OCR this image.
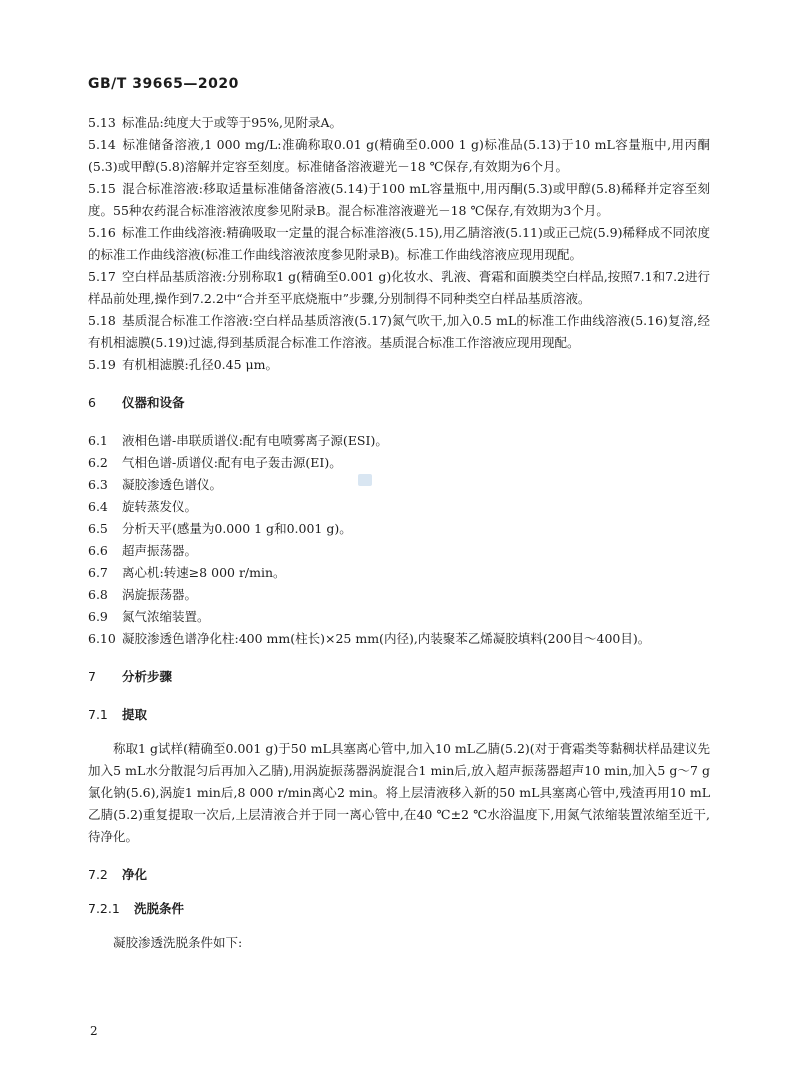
GB/T 39665—2020

5.13 标准品:纯度大于或等于95%,见附录A。

5.14 标准储备溶液,1 000 mg/L:准确称取0.01 g(精确至0.000 1 g)标准品(5.13)于10 mL容量瓶中,用丙酮(5.3)或甲醇(5.8)溶解并定容至刻度。标准储备溶液避光－18 ℃保存,有效期为6个月。

5.15 混合标准溶液:移取适量标准储备溶液(5.14)于100 mL容量瓶中,用丙酮(5.3)或甲醇(5.8)稀释并定容至刻度。55种农药混合标准溶液浓度参见附录B。混合标准溶液避光－18 ℃保存,有效期为3个月。

5.16 标准工作曲线溶液:精确吸取一定量的混合标准溶液(5.15),用乙腈溶液(5.11)或正己烷(5.9)稀释成不同浓度的标准工作曲线溶液(标准工作曲线溶液浓度参见附录B)。标准工作曲线溶液应现用现配。

5.17 空白样品基质溶液:分别称取1 g(精确至0.001 g)化妆水、乳液、膏霜和面膜类空白样品,按照7.1和7.2进行样品前处理,操作到7.2.2中“合并至平底烧瓶中”步骤,分别制得不同种类空白样品基质溶液。

5.18 基质混合标准工作溶液:空白样品基质溶液(5.17)氮气吹干,加入0.5 mL的标准工作曲线溶液(5.16)复溶,经有机相滤膜(5.19)过滤,得到基质混合标准工作溶液。基质混合标准工作溶液应现用现配。

5.19 有机相滤膜:孔径0.45 μm。

6 仪器和设备

6.1 液相色谱-串联质谱仪:配有电喷雾离子源(ESI)。

6.2 气相色谱-质谱仪:配有电子轰击源(EI)。

6.3 凝胶渗透色谱仪。

6.4 旋转蒸发仪。

6.5 分析天平(感量为0.000 1 g和0.001 g)。

6.6 超声振荡器。

6.7 离心机:转速≥8 000 r/min。

6.8 涡旋振荡器。

6.9 氮气浓缩装置。

6.10 凝胶渗透色谱净化柱:400 mm(柱长)×25 mm(内径),内装聚苯乙烯凝胶填料(200目～400目)。

7 分析步骤

7.1 提取

称取1 g试样(精确至0.001 g)于50 mL具塞离心管中,加入10 mL乙腈(5.2)(对于膏霜类等黏稠状样品建议先加入5 mL水分散混匀后再加入乙腈),用涡旋振荡器涡旋混合1 min后,放入超声振荡器超声10 min,加入5 g～7 g氯化钠(5.6),涡旋1 min后,8 000 r/min离心2 min。将上层清液移入新的50 mL具塞离心管中,残渣再用10 mL乙腈(5.2)重复提取一次后,上层清液合并于同一离心管中,在40 ℃±2 ℃水浴温度下,用氮气浓缩装置浓缩至近干,待净化。

7.2 净化

7.2.1 洗脱条件

凝胶渗透洗脱条件如下:

2
